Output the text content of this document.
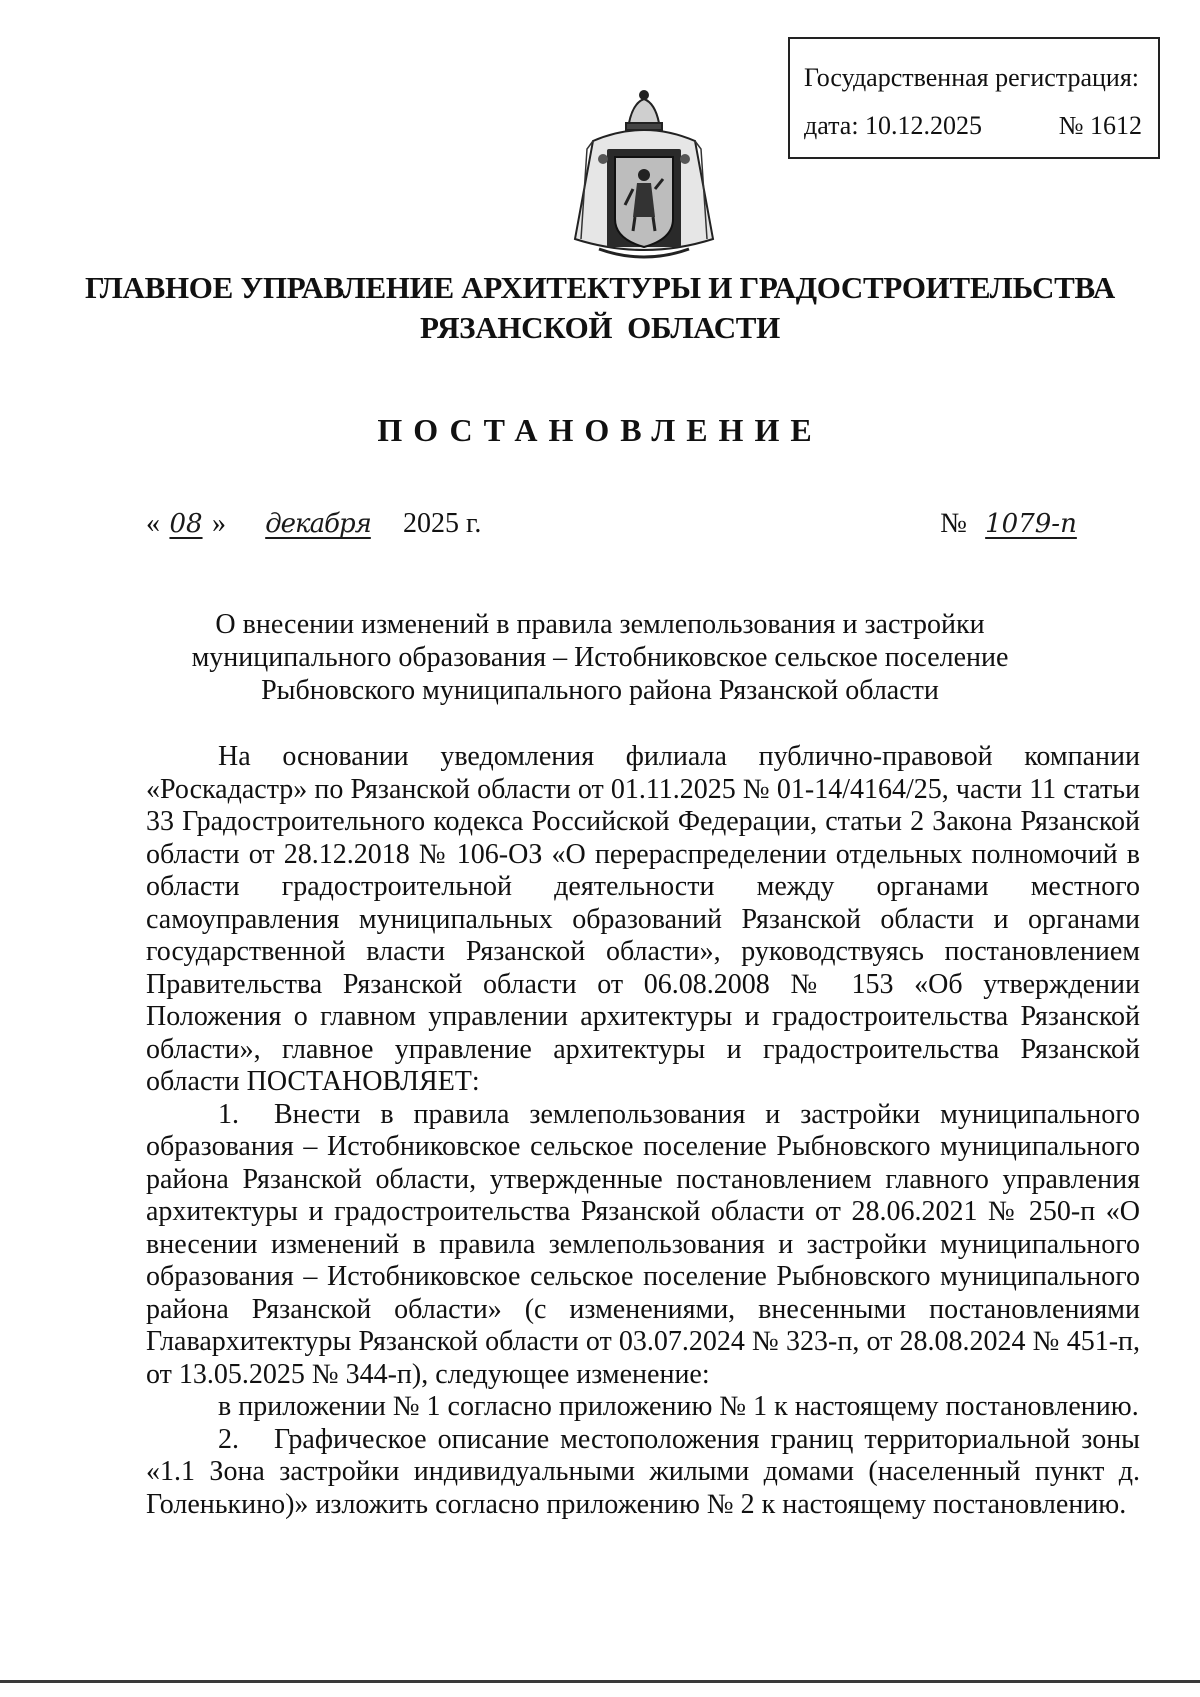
Государственная регистрация:
дата: 10.12.2025	№ 1612
ГЛАВНОЕ УПРАВЛЕНИЕ АРХИТЕКТУРЫ И ГРАДОСТРОИТЕЛЬСТВА
РЯЗАНСКОЙ  ОБЛАСТИ
ПОСТАНОВЛЕНИЕ
« 08 » декабря 2025 г.	№ 1079-п
О внесении изменений в правила землепользования и застройки
муниципального образования – Истобниковское сельское поселение
Рыбновского муниципального района Рязанской области

На основании уведомления филиала публично-правовой компании «Роскадастр» по Рязанской области от 01.11.2025 № 01-14/4164/25, части 11 статьи 33 Градостроительного кодекса Российской Федерации, статьи 2 Закона Рязанской области от 28.12.2018 № 106-ОЗ «О перераспределении отдельных полномочий в области градостроительной деятельности между органами местного самоуправления муниципальных образований Рязанской области и органами государственной власти Рязанской области», руководствуясь постановлением Правительства Рязанской области от 06.08.2008 № 153 «Об утверждении Положения о главном управлении архитектуры и градостроительства Рязанской области», главное управление архитектуры и градостроительства Рязанской области ПОСТАНОВЛЯЕТ:

1. Внести в правила землепользования и застройки муниципального образования – Истобниковское сельское поселение Рыбновского муниципального района Рязанской области, утвержденные постановлением главного управления архитектуры и градостроительства Рязанской области от 28.06.2021 № 250-п «О внесении изменений в правила землепользования и застройки муниципального образования – Истобниковское сельское поселение Рыбновского муниципального района Рязанской области» (с изменениями, внесенными постановлениями Главархитектуры Рязанской области от 03.07.2024 № 323-п, от 28.08.2024 № 451-п, от 13.05.2025 № 344-п), следующее изменение:

в приложении № 1 согласно приложению № 1 к настоящему постановлению.

2. Графическое описание местоположения границ территориальной зоны «1.1 Зона застройки индивидуальными жилыми домами (населенный пункт д. Голенькино)» изложить согласно приложению № 2 к настоящему постановлению.
